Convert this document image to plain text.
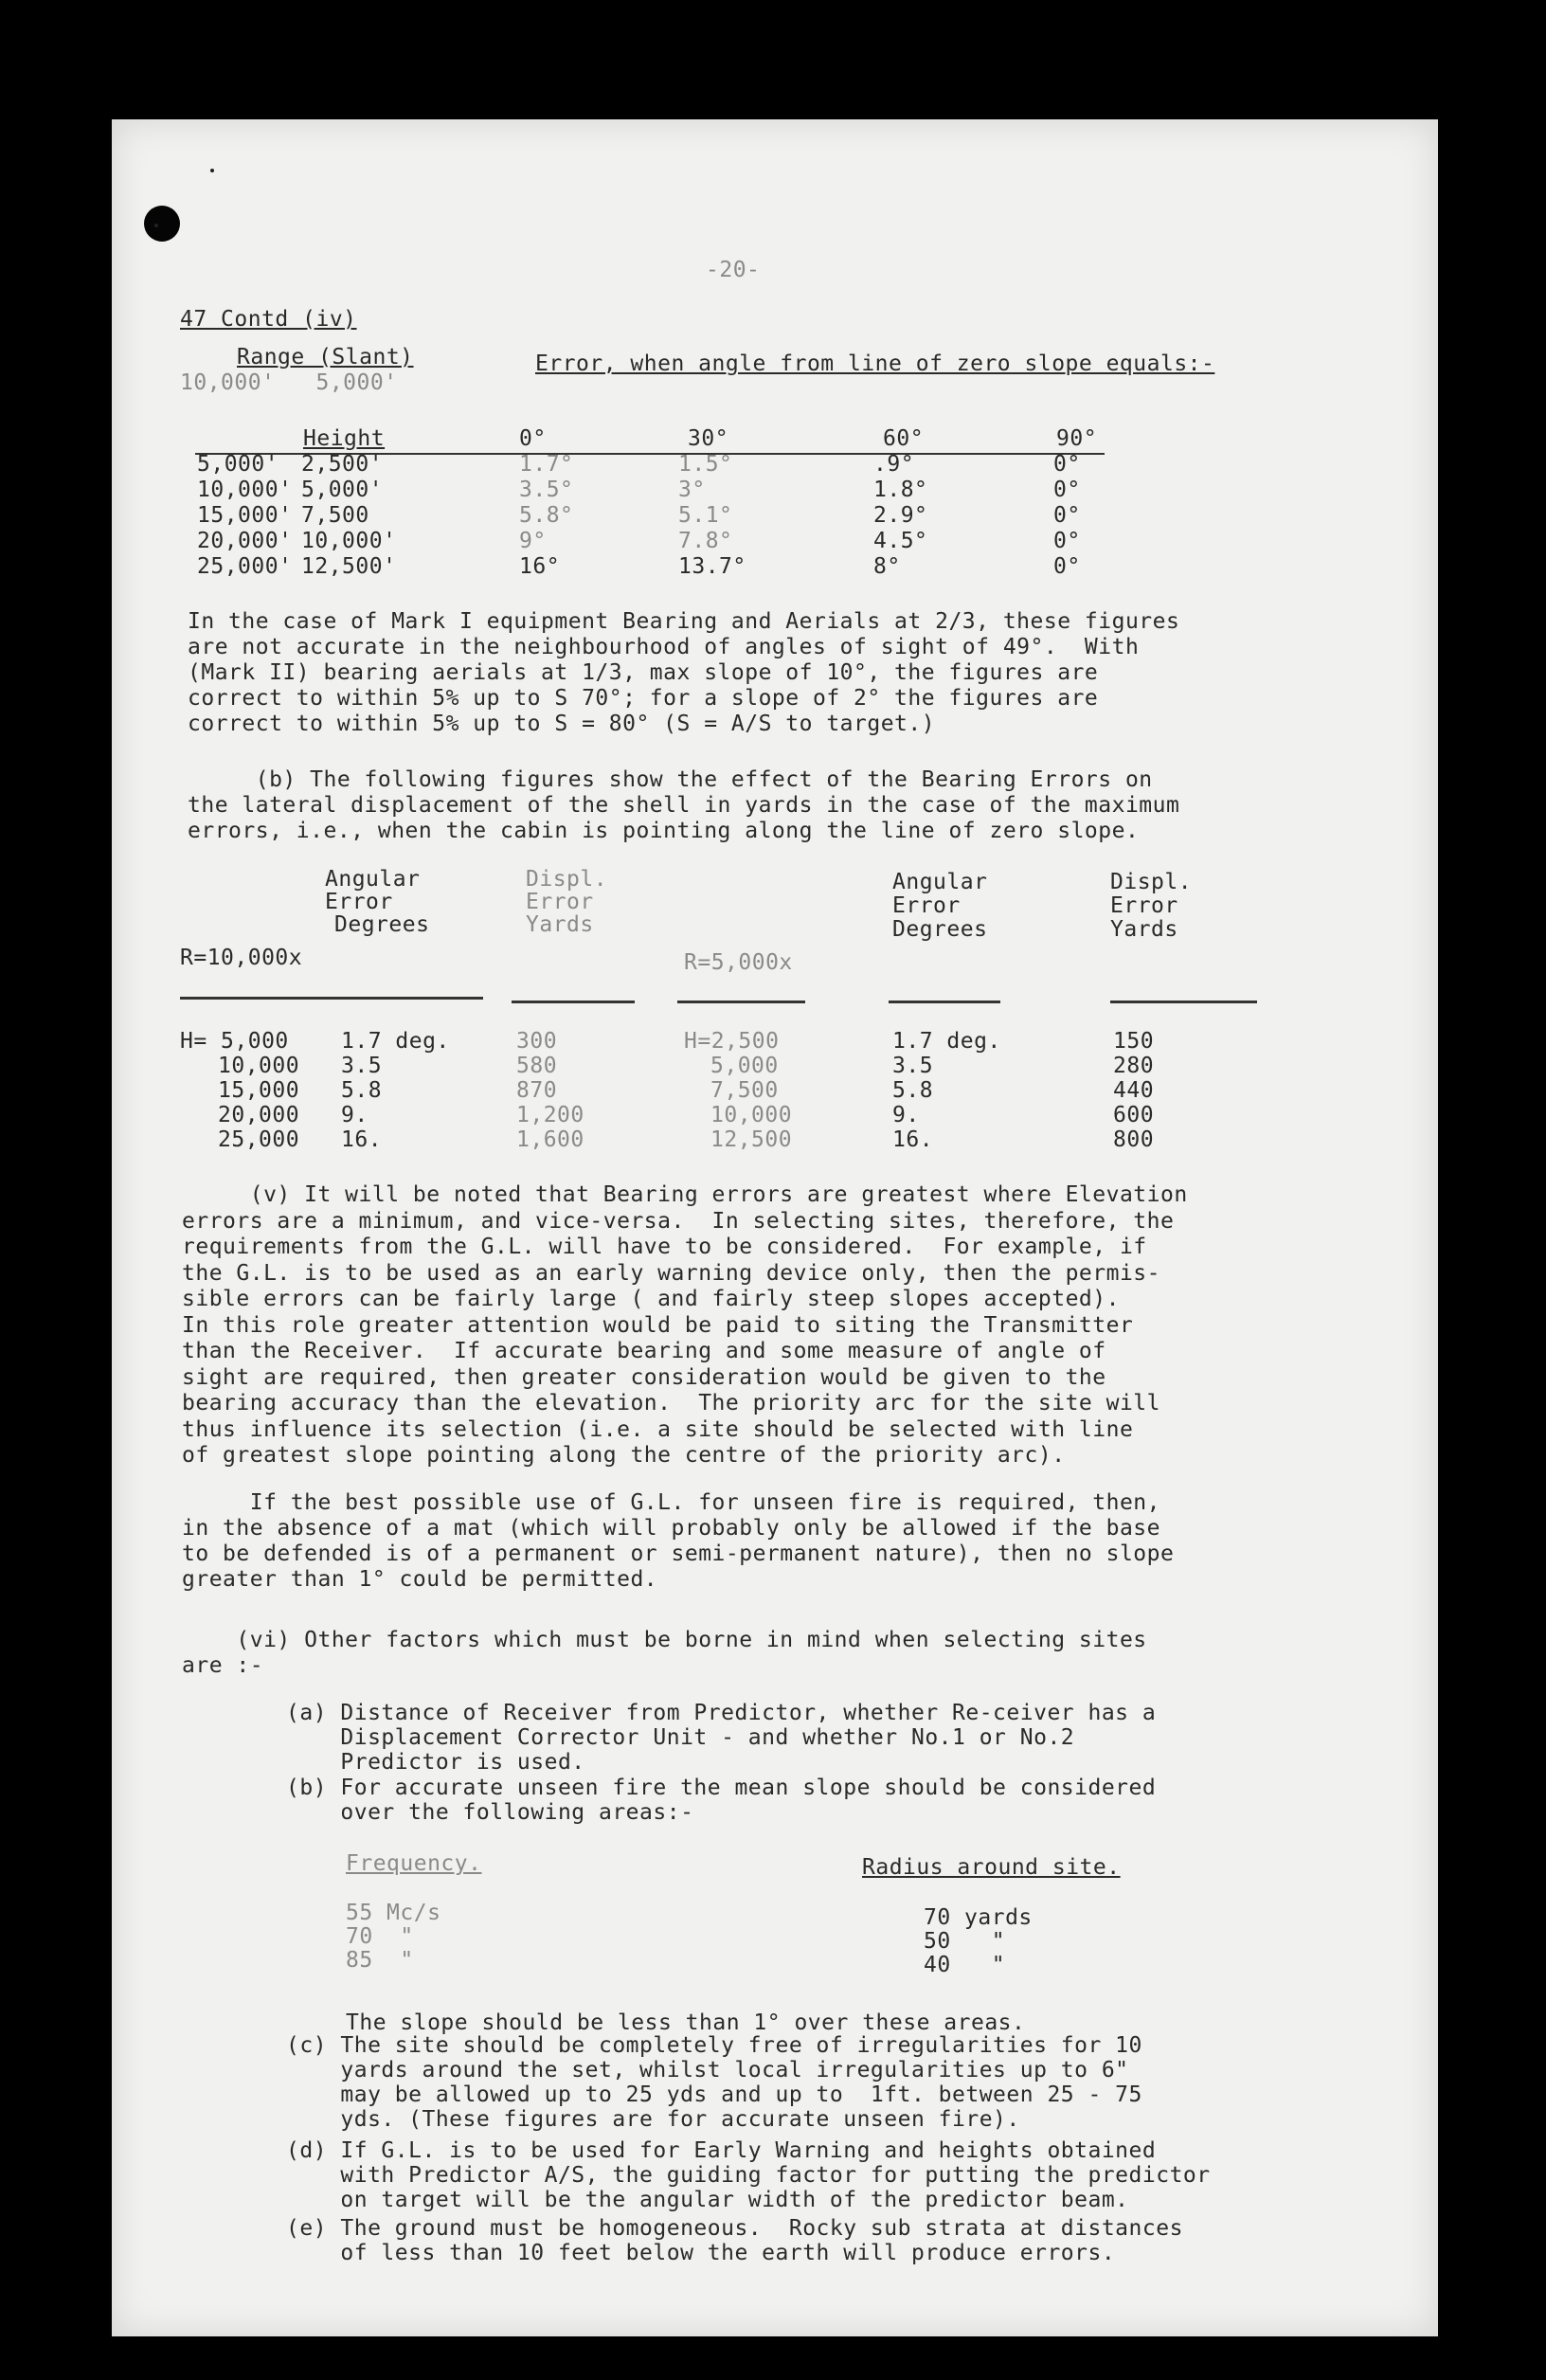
-20-
47 Contd (iv)
Range (Slant)
10,000'   5,000'
Error, when angle from line of zero slope equals:-
Height	0°	30°	60°	90°
5,000' 2,500'	1.7°	1.5°	.9°	0°
10,000' 5,000'	3.5°	3°	1.8°	0°
15,000' 7,500	5.8°	5.1°	2.9°	0°
20,000' 10,000'	9°	7.8°	4.5°	0°
25,000' 12,500'	16°	13.7°	8°	0°
In the case of Mark I equipment Bearing and Aerials at 2/3, these figures
are not accurate in the neighbourhood of angles of sight of 49°.  With
(Mark II) bearing aerials at 1/3, max slope of 10°, the figures are
correct to within 5% up to S 70°; for a slope of 2° the figures are
correct to within 5% up to S = 80° (S = A/S to target.)
(b) The following figures show the effect of the Bearing Errors on
the lateral displacement of the shell in yards in the case of the maximum
errors, i.e., when the cabin is pointing along the line of zero slope.
Angular
Error
Degrees
Displ.
Error
Yards
Angular
Error
Degrees
Displ.
Error
Yards
R=10,000x	R=5,000x
H= 5,000 1.7 deg.	300	H=2,500	1.7 deg.	150
10,000 3.5	580	5,000	3.5	280
15,000 5.8	870	7,500	5.8	440
20,000 9.	1,200	10,000	9.	600
25,000 16.	1,600	12,500	16.	800
(v) It will be noted that Bearing errors are greatest where Elevation
errors are a minimum, and vice-versa.  In selecting sites, therefore, the
requirements from the G.L. will have to be considered.  For example, if
the G.L. is to be used as an early warning device only, then the permis-
sible errors can be fairly large ( and fairly steep slopes accepted).
In this role greater attention would be paid to siting the Transmitter
than the Receiver.  If accurate bearing and some measure of angle of
sight are required, then greater consideration would be given to the
bearing accuracy than the elevation.  The priority arc for the site will
thus influence its selection (i.e. a site should be selected with line
of greatest slope pointing along the centre of the priority arc).
If the best possible use of G.L. for unseen fire is required, then,
in the absence of a mat (which will probably only be allowed if the base
to be defended is of a permanent or semi-permanent nature), then no slope
greater than 1° could be permitted.
(vi) Other factors which must be borne in mind when selecting sites
are :-
(a) Distance of Receiver from Predictor, whether Re-ceiver has a
Displacement Corrector Unit - and whether No.1 or No.2
Predictor is used.
(b) For accurate unseen fire the mean slope should be considered
over the following areas:-
Frequency.	Radius around site.
55 Mc/s	70 yards
70  "	50   "
85  "	40   "
The slope should be less than 1° over these areas.
(c) The site should be completely free of irregularities for 10
yards around the set, whilst local irregularities up to 6"
may be allowed up to 25 yds and up to  1ft. between 25 - 75
yds. (These figures are for accurate unseen fire).
(d) If G.L. is to be used for Early Warning and heights obtained
with Predictor A/S, the guiding factor for putting the predictor
on target will be the angular width of the predictor beam.
(e) The ground must be homogeneous.  Rocky sub strata at distances
of less than 10 feet below the earth will produce errors.
